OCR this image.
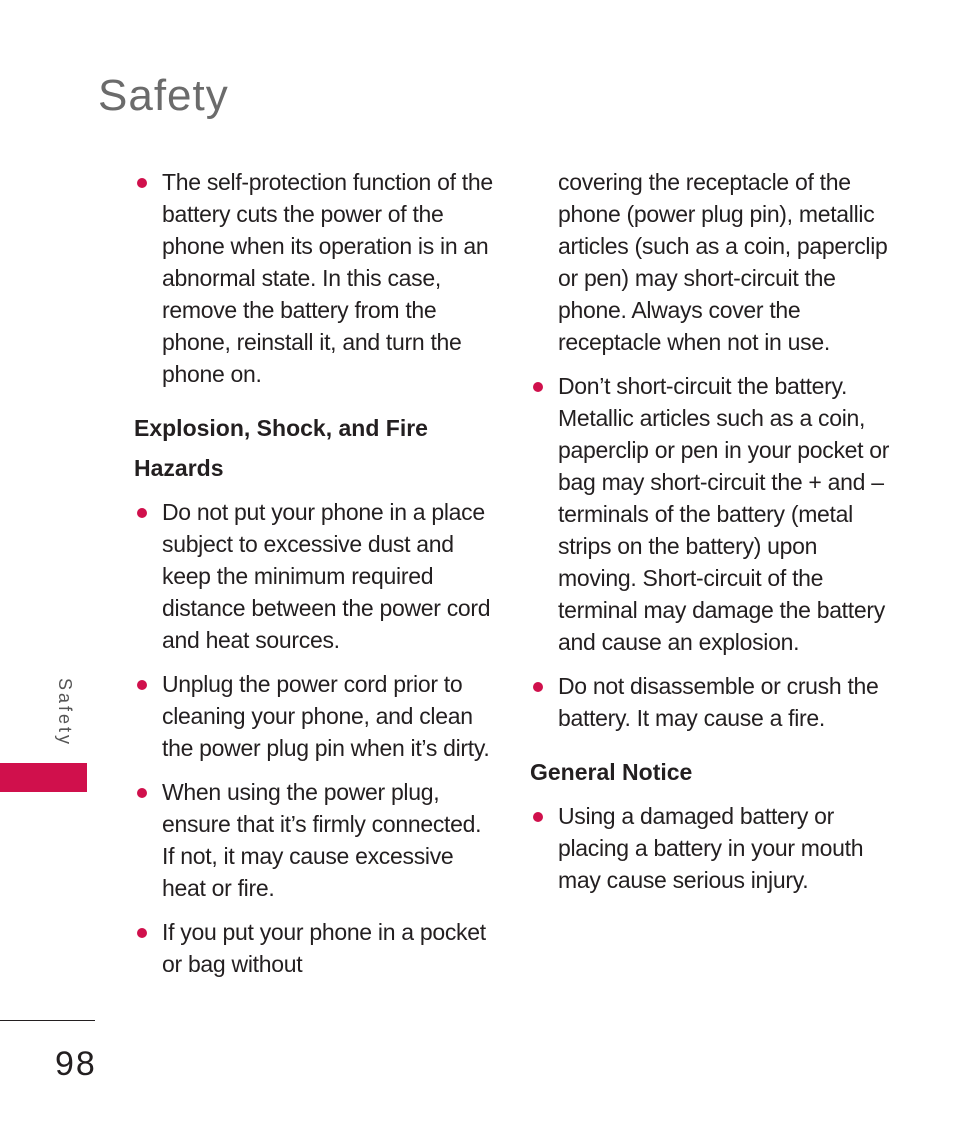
Safety

The self-protection function of the battery cuts the power of the phone when its operation is in an abnormal state. In this case, remove the battery from the phone, reinstall it, and turn the phone on.

Explosion, Shock, and Fire Hazards

Do not put your phone in a place subject to excessive dust and keep the minimum required distance between the power cord and heat sources.

Unplug the power cord prior to cleaning your phone, and clean the power plug pin when it’s dirty.

When using the power plug, ensure that it’s firmly connected. If not, it may cause excessive heat or fire.

If you put your phone in a pocket or bag without

covering the receptacle of the phone (power plug pin), metallic articles (such as a coin, paperclip or pen) may short-circuit the phone. Always cover the receptacle when not in use.

Don’t short-circuit the battery. Metallic articles such as a coin, paperclip or pen in your pocket or bag may short-circuit the + and – terminals of the battery (metal strips on the battery) upon moving. Short-circuit of the terminal may damage the battery and cause an explosion.

Do not disassemble or crush the battery. It may cause a fire.

General Notice

Using a damaged battery or placing a battery in your mouth may cause serious injury.

Safety
98
